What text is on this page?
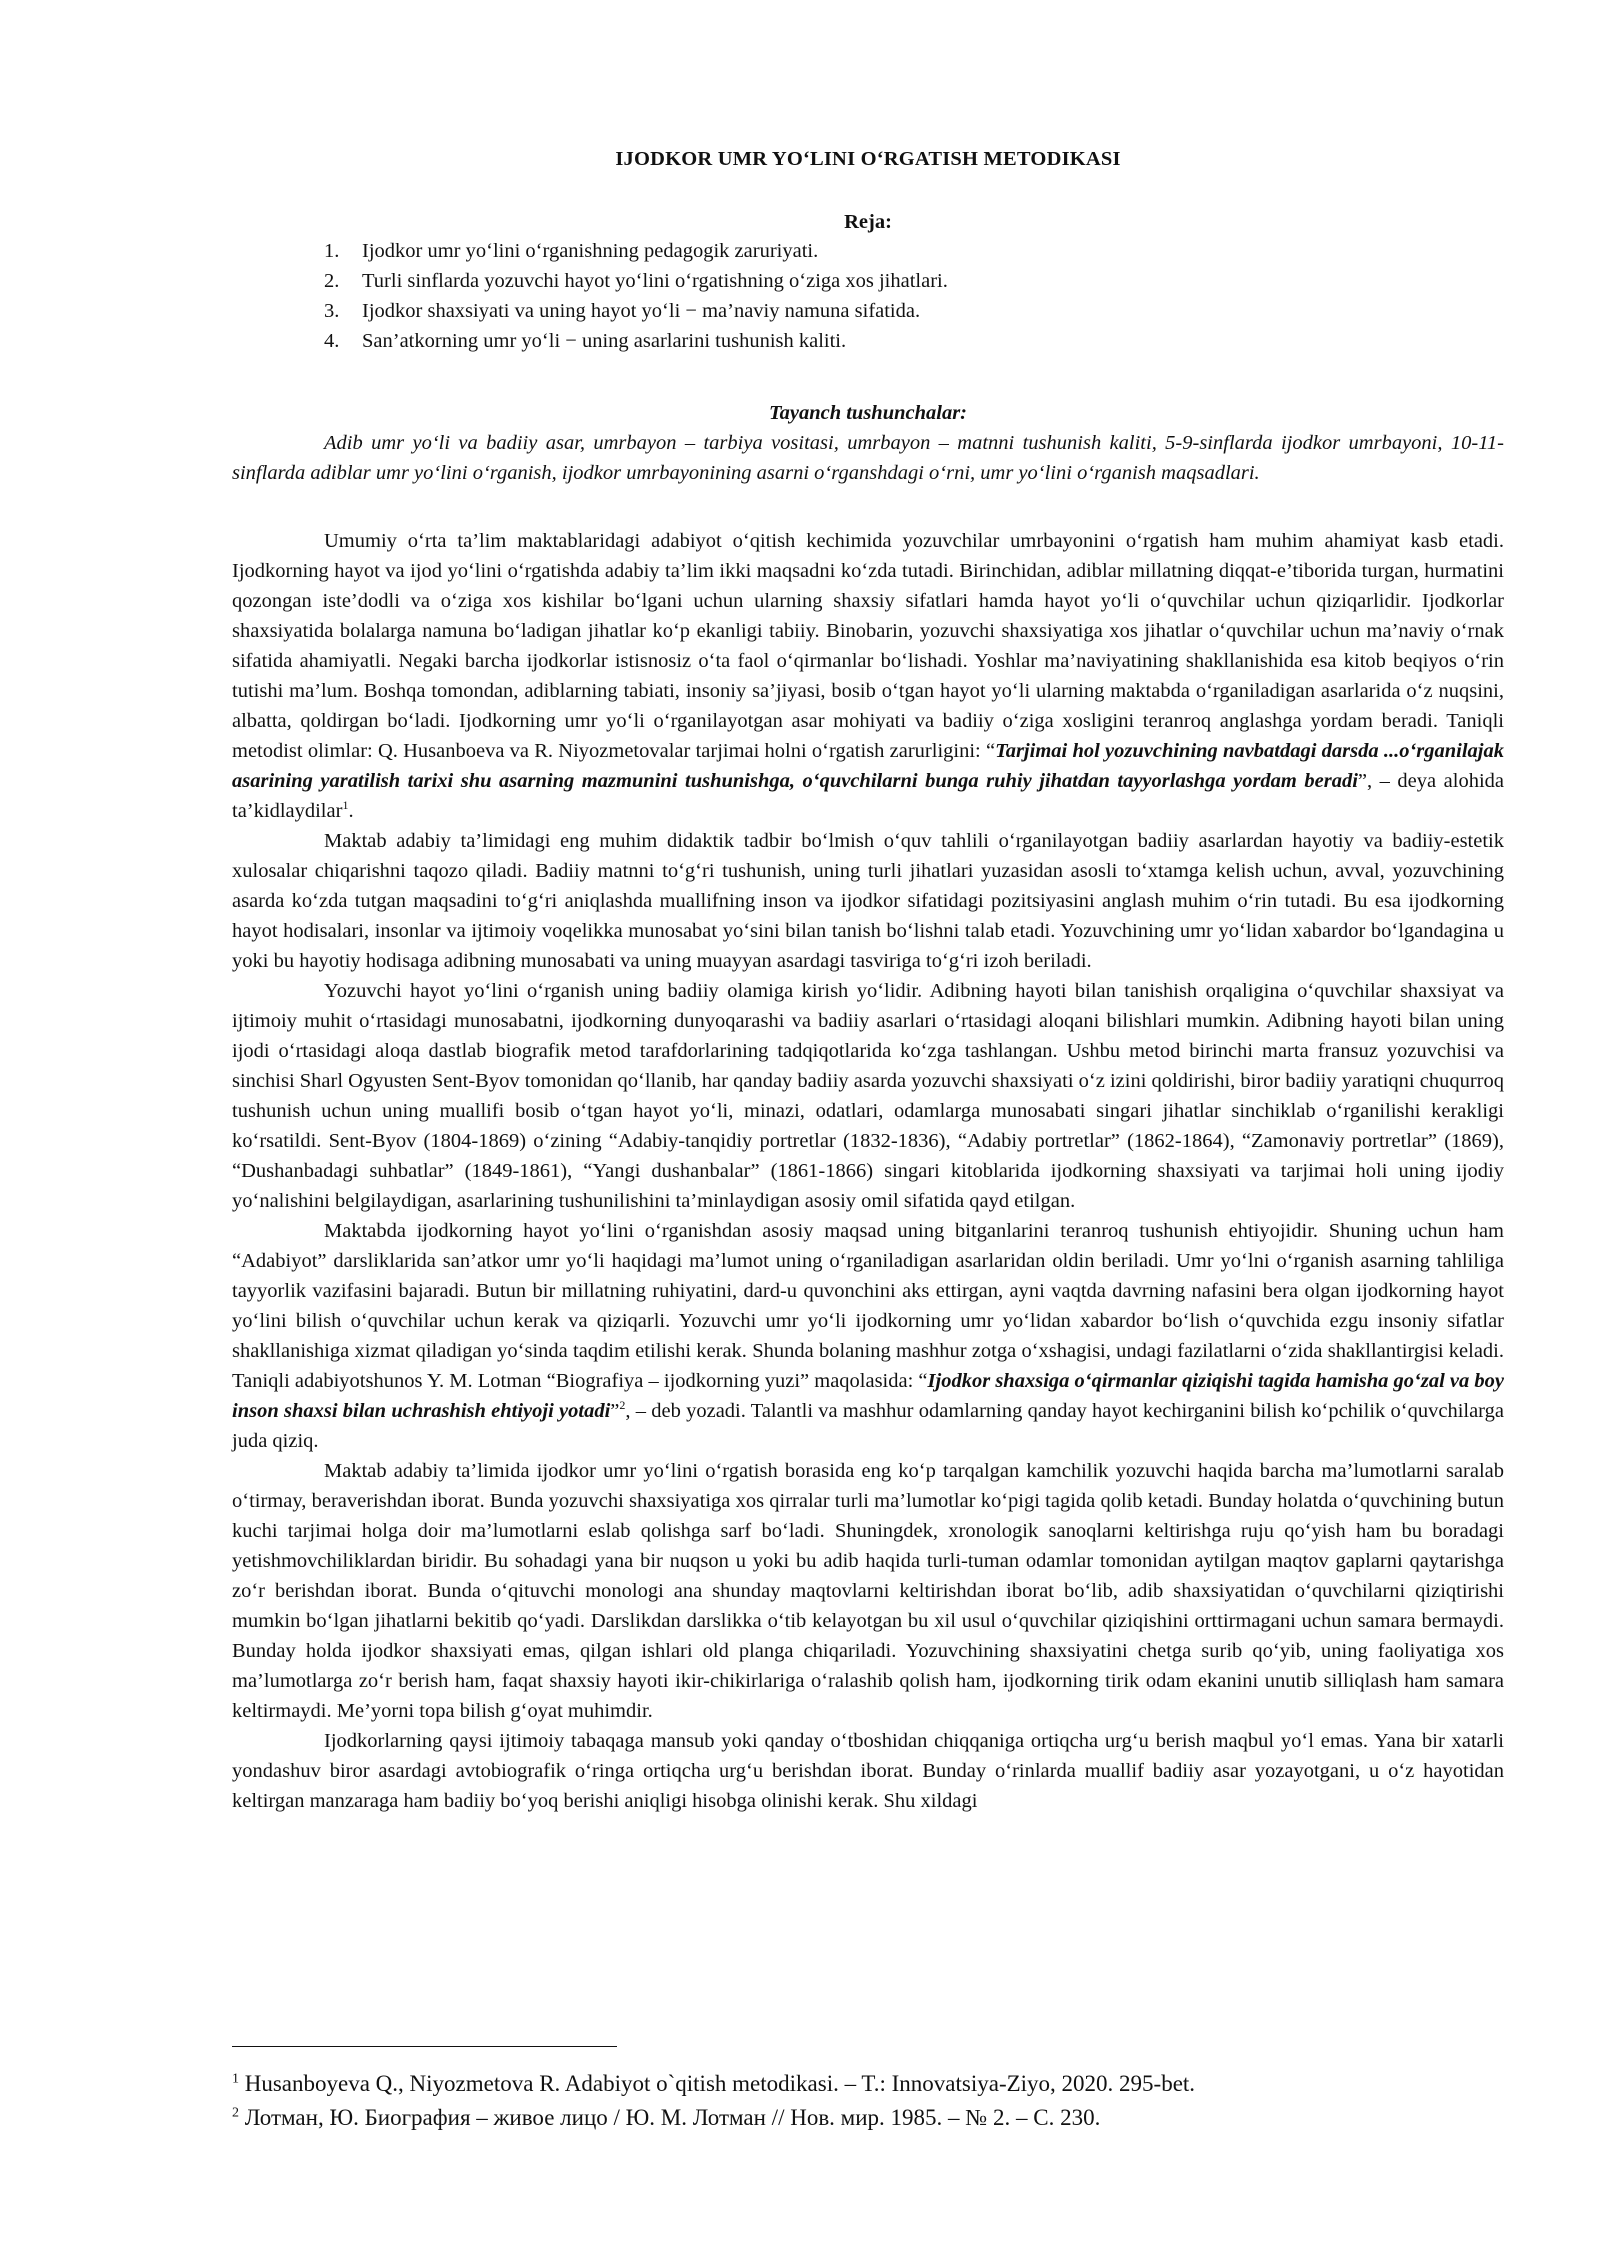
IJODKOR UMR YO‘LINI O‘RGATISH METODIKASI
Reja:
1.	Ijodkor umr yo‘lini o‘rganishning pedagogik zaruriyati.
2.	Turli sinflarda yozuvchi hayot yo‘lini o‘rgatishning o‘ziga xos jihatlari.
3.	Ijodkor shaxsiyati va uning hayot yo‘li − ma’naviy namuna sifatida.
4.	San’atkorning umr yo‘li − uning asarlarini tushunish kaliti.
Tayanch tushunchalar:

Adib umr yo‘li va badiiy asar, umrbayon – tarbiya vositasi, umrbayon – matnni tushunish kaliti, 5-9-sinflarda ijodkor umrbayoni, 10-11-sinflarda adiblar umr yo‘lini o‘rganish, ijodkor umrbayonining asarni o‘rganshdagi o‘rni, umr yo‘lini o‘rganish maqsadlari.

Umumiy o‘rta ta’lim maktablaridagi adabiyot o‘qitish kechimida yozuvchilar umrbayonini o‘rgatish ham muhim ahamiyat kasb etadi. Ijodkorning hayot va ijod yo‘lini o‘rgatishda adabiy ta’lim ikki maqsadni ko‘zda tutadi. Birinchidan, adiblar millatning diqqat-e’tiborida turgan, hurmatini qozongan iste’dodli va o‘ziga xos kishilar bo‘lgani uchun ularning shaxsiy sifatlari hamda hayot yo‘li o‘quvchilar uchun qiziqarlidir. Ijodkorlar shaxsiyatida bolalarga namuna bo‘ladigan jihatlar ko‘p ekanligi tabiiy. Binobarin, yozuvchi shaxsiyatiga xos jihatlar o‘quvchilar uchun ma’naviy o‘rnak sifatida ahamiyatli. Negaki barcha ijodkorlar istisnosiz o‘ta faol o‘qirmanlar bo‘lishadi. Yoshlar ma’naviyatining shakllanishida esa kitob beqiyos o‘rin tutishi ma’lum. Boshqa tomondan, adiblarning tabiati, insoniy sa’jiyasi, bosib o‘tgan hayot yo‘li ularning maktabda o‘rganiladigan asarlarida o‘z nuqsini, albatta, qoldirgan bo‘ladi. Ijodkorning umr yo‘li o‘rganilayotgan asar mohiyati va badiiy o‘ziga xosligini teranroq anglashga yordam beradi. Taniqli metodist olimlar: Q. Husanboeva va R. Niyozmetovalar tarjimai holni o‘rgatish zarurligini: “Tarjimai hol yozuvchining navbatdagi darsda ...o‘rganilajak asarining yaratilish tarixi shu asarning mazmunini tushunishga, o‘quvchilarni bunga ruhiy jihatdan tayyorlashga yordam beradi”, – deya alohida ta’kidlaydilar$^1$.

Maktab adabiy ta’limidagi eng muhim didaktik tadbir bo‘lmish o‘quv tahlili o‘rganilayotgan badiiy asarlardan hayotiy va badiiy-estetik xulosalar chiqarishni taqozo qiladi. Badiiy matnni to‘g‘ri tushunish, uning turli jihatlari yuzasidan asosli to‘xtamga kelish uchun, avval, yozuvchining asarda ko‘zda tutgan maqsadini to‘g‘ri aniqlashda muallifning inson va ijodkor sifatidagi pozitsiyasini anglash muhim o‘rin tutadi. Bu esa ijodkorning hayot hodisalari, insonlar va ijtimoiy voqelikka munosabat yo‘sini bilan tanish bo‘lishni talab etadi. Yozuvchining umr yo‘lidan xabardor bo‘lgandagina u yoki bu hayotiy hodisaga adibning munosabati va uning muayyan asardagi tasviriga to‘g‘ri izoh beriladi.

Yozuvchi hayot yo‘lini o‘rganish uning badiiy olamiga kirish yo‘lidir. Adibning hayoti bilan tanishish orqaligina o‘quvchilar shaxsiyat va ijtimoiy muhit o‘rtasidagi munosabatni, ijodkorning dunyoqarashi va badiiy asarlari o‘rtasidagi aloqani bilishlari mumkin. Adibning hayoti bilan uning ijodi o‘rtasidagi aloqa dastlab biografik metod tarafdorlarining tadqiqotlarida ko‘zga tashlangan. Ushbu metod birinchi marta fransuz yozuvchisi va sinchisi Sharl Ogyusten Sent-Byov tomonidan qo‘llanib, har qanday badiiy asarda yozuvchi shaxsiyati o‘z izini qoldirishi, biror badiiy yaratiqni chuqurroq tushunish uchun uning muallifi bosib o‘tgan hayot yo‘li, minazi, odatlari, odamlarga munosabati singari jihatlar sinchiklab o‘rganilishi kerakligi ko‘rsatildi. Sent-Byov (1804-1869) o‘zining “Adabiy-tanqidiy portretlar (1832-1836), “Adabiy portretlar” (1862-1864), “Zamonaviy portretlar” (1869), “Dushanbadagi suhbatlar” (1849-1861), “Yangi dushanbalar” (1861-1866) singari kitoblarida ijodkorning shaxsiyati va tarjimai holi uning ijodiy yo‘nalishini belgilaydigan, asarlarining tushunilishini ta’minlaydigan asosiy omil sifatida qayd etilgan.

Maktabda ijodkorning hayot yo‘lini o‘rganishdan asosiy maqsad uning bitganlarini teranroq tushunish ehtiyojidir. Shuning uchun ham “Adabiyot” darsliklarida san’atkor umr yo‘li haqidagi ma’lumot uning o‘rganiladigan asarlaridan oldin beriladi. Umr yo‘lni o‘rganish asarning tahliliga tayyorlik vazifasini bajaradi. Butun bir millatning ruhiyatini, dard-u quvonchini aks ettirgan, ayni vaqtda davrning nafasini bera olgan ijodkorning hayot yo‘lini bilish o‘quvchilar uchun kerak va qiziqarli. Yozuvchi umr yo‘li ijodkorning umr yo‘lidan xabardor bo‘lish o‘quvchida ezgu insoniy sifatlar shakllanishiga xizmat qiladigan yo‘sinda taqdim etilishi kerak. Shunda bolaning mashhur zotga o‘xshagisi, undagi fazilatlarni o‘zida shakllantirgisi keladi. Taniqli adabiyotshunos Y. M. Lotman “Biografiya – ijodkorning yuzi” maqolasida: “Ijodkor shaxsiga o‘qirmanlar qiziqishi tagida hamisha go‘zal va boy inson shaxsi bilan uchrashish ehtiyoji yotadi”$^2$, – deb yozadi. Talantli va mashhur odamlarning qanday hayot kechirganini bilish ko‘pchilik o‘quvchilarga juda qiziq.

Maktab adabiy ta’limida ijodkor umr yo‘lini o‘rgatish borasida eng ko‘p tarqalgan kamchilik yozuvchi haqida barcha ma’lumotlarni saralab o‘tirmay, beraverishdan iborat. Bunda yozuvchi shaxsiyatiga xos qirralar turli ma’lumotlar ko‘pigi tagida qolib ketadi. Bunday holatda o‘quvchining butun kuchi tarjimai holga doir ma’lumotlarni eslab qolishga sarf bo‘ladi. Shuningdek, xronologik sanoqlarni keltirishga ruju qo‘yish ham bu boradagi yetishmovchiliklardan biridir. Bu sohadagi yana bir nuqson u yoki bu adib haqida turli-tuman odamlar tomonidan aytilgan maqtov gaplarni qaytarishga zo‘r berishdan iborat. Bunda o‘qituvchi monologi ana shunday maqtovlarni keltirishdan iborat bo‘lib, adib shaxsiyatidan o‘quvchilarni qiziqtirishi mumkin bo‘lgan jihatlarni bekitib qo‘yadi. Darslikdan darslikka o‘tib kelayotgan bu xil usul o‘quvchilar qiziqishini orttirmagani uchun samara bermaydi. Bunday holda ijodkor shaxsiyati emas, qilgan ishlari old planga chiqariladi. Yozuvchining shaxsiyatini chetga surib qo‘yib, uning faoliyatiga xos ma’lumotlarga zo‘r berish ham, faqat shaxsiy hayoti ikir-chikirlariga o‘ralashib qolish ham, ijodkorning tirik odam ekanini unutib silliqlash ham samara keltirmaydi. Me’yorni topa bilish g‘oyat muhimdir.

Ijodkorlarning qaysi ijtimoiy tabaqaga mansub yoki qanday o‘tboshidan chiqqaniga ortiqcha urg‘u berish maqbul yo‘l emas. Yana bir xatarli yondashuv biror asardagi avtobiografik o‘ringa ortiqcha urg‘u berishdan iborat. Bunday o‘rinlarda muallif badiiy asar yozayotgani, u o‘z hayotidan keltirgan manzaraga ham badiiy bo‘yoq berishi aniqligi hisobga olinishi kerak. Shu xildagi

$^1$ Husanboyeva Q., Niyozmetova R. Adabiyot o`qitish metodikasi. – T.: Innovatsiya-Ziyo, 2020. 295-bet.

$^2$ Лотман, Ю. Биография – живое лицо / Ю. М. Лотман // Нов. мир. 1985. – № 2. – С. 230.
